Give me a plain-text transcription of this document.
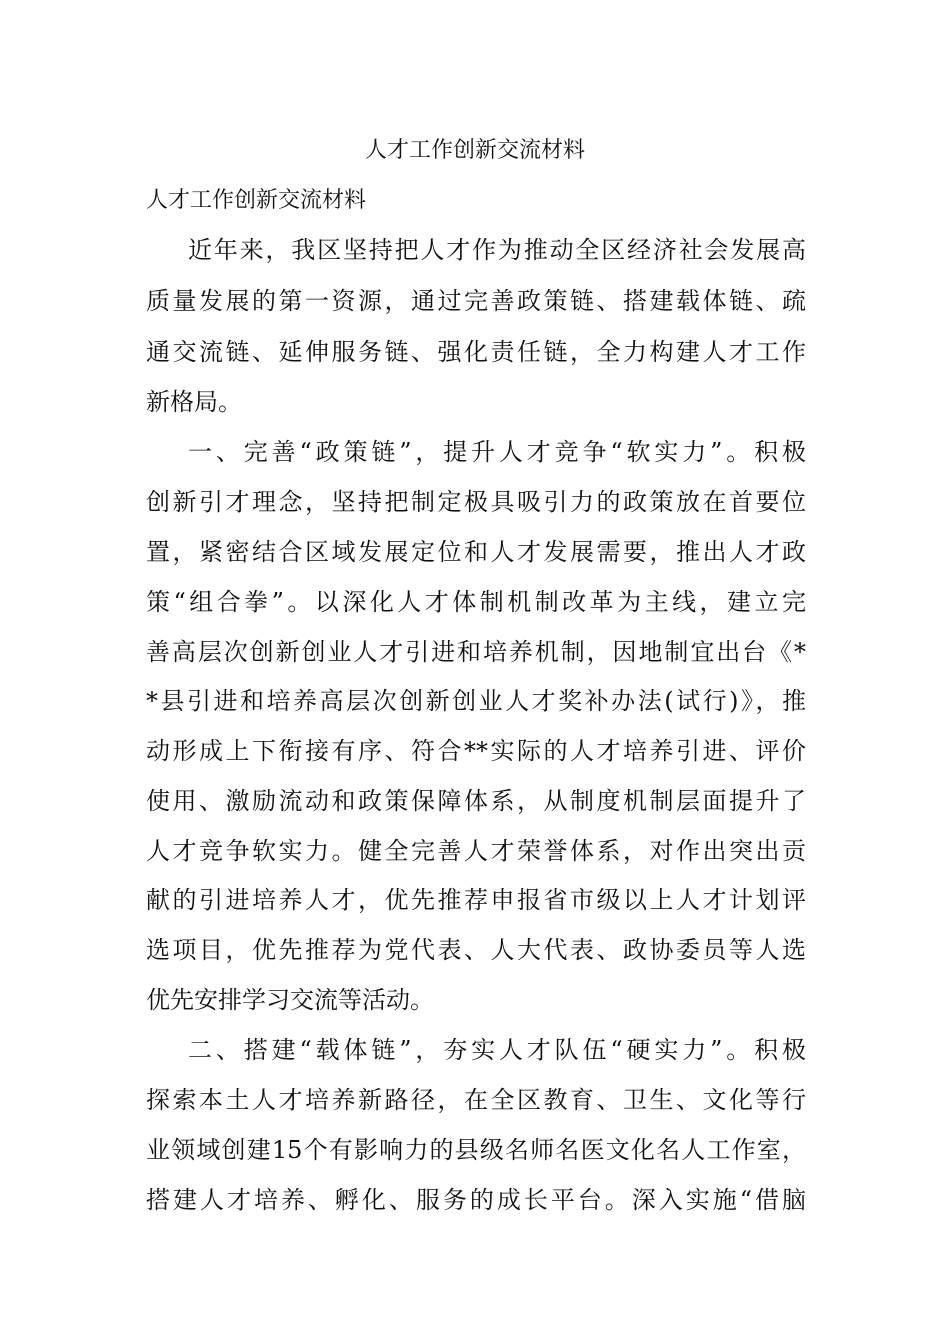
人才工作创新交流材料
人才工作创新交流材料
近年来，我区坚持把人才作为推动全区经济社会发展高
质量发展的第一资源，通过完善政策链、搭建载体链、疏
通交流链、延伸服务链、强化责任链，全力构建人才工作
新格局。
一、完善“政策链”，提升人才竞争“软实力”。积极
创新引才理念，坚持把制定极具吸引力的政策放在首要位
置，紧密结合区域发展定位和人才发展需要，推出人才政
策“组合拳”。以深化人才体制机制改革为主线，建立完
善高层次创新创业人才引进和培养机制，因地制宜出台《*
*县引进和培养高层次创新创业人才奖补办法(试行)》，推
动形成上下衔接有序、符合**实际的人才培养引进、评价
使用、激励流动和政策保障体系，从制度机制层面提升了
人才竞争软实力。健全完善人才荣誉体系，对作出突出贡
献的引进培养人才，优先推荐申报省市级以上人才计划评
选项目，优先推荐为党代表、人大代表、政协委员等人选
优先安排学习交流等活动。
二、搭建“载体链”，夯实人才队伍“硬实力”。积极
探索本土人才培养新路径，在全区教育、卫生、文化等行
业领域创建15个有影响力的县级名师名医文化名人工作室，
搭建人才培养、孵化、服务的成长平台。深入实施“借脑
